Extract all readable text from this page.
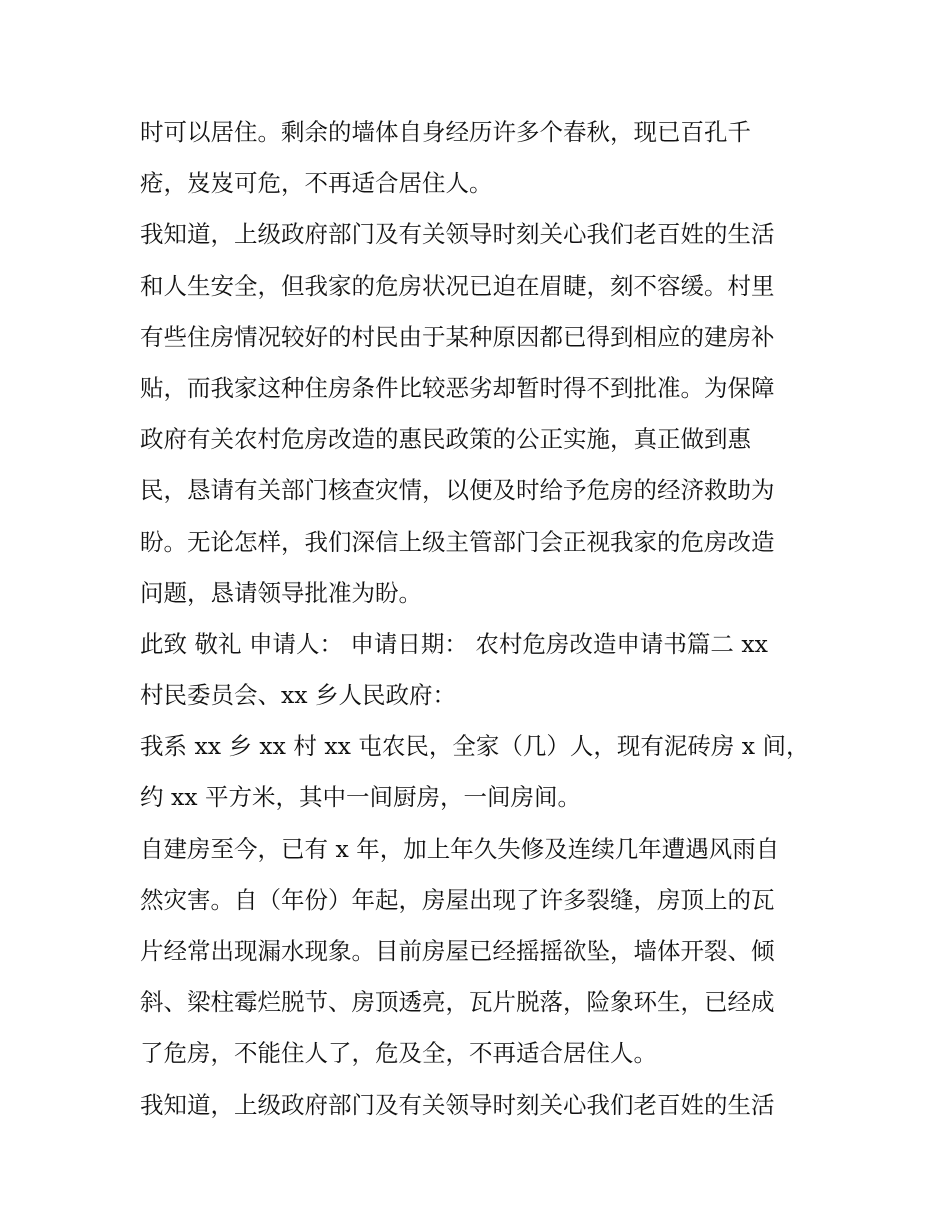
时可以居住。剩余的墙体自身经历许多个春秋，现已百孔千
疮，岌岌可危，不再适合居住人。
我知道，上级政府部门及有关领导时刻关心我们老百姓的生活
和人生安全，但我家的危房状况已迫在眉睫，刻不容缓。村里
有些住房情况较好的村民由于某种原因都已得到相应的建房补
贴，而我家这种住房条件比较恶劣却暂时得不到批准。为保障
政府有关农村危房改造的惠民政策的公正实施，真正做到惠
民，恳请有关部门核查灾情，以便及时给予危房的经济救助为
盼。无论怎样，我们深信上级主管部门会正视我家的危房改造
问题，恳请领导批准为盼。
此致 敬礼 申请人： 申请日期： 农村危房改造申请书篇二 xx
村民委员会、xx 乡人民政府：
我系 xx 乡 xx 村 xx 屯农民，全家（几）人，现有泥砖房 x 间，
约 xx 平方米，其中一间厨房，一间房间。
自建房至今，已有 x 年，加上年久失修及连续几年遭遇风雨自
然灾害。自（年份）年起，房屋出现了许多裂缝，房顶上的瓦
片经常出现漏水现象。目前房屋已经摇摇欲坠，墙体开裂、倾
斜、梁柱霉烂脱节、房顶透亮，瓦片脱落，险象环生，已经成
了危房，不能住人了，危及全，不再适合居住人。
我知道，上级政府部门及有关领导时刻关心我们老百姓的生活
